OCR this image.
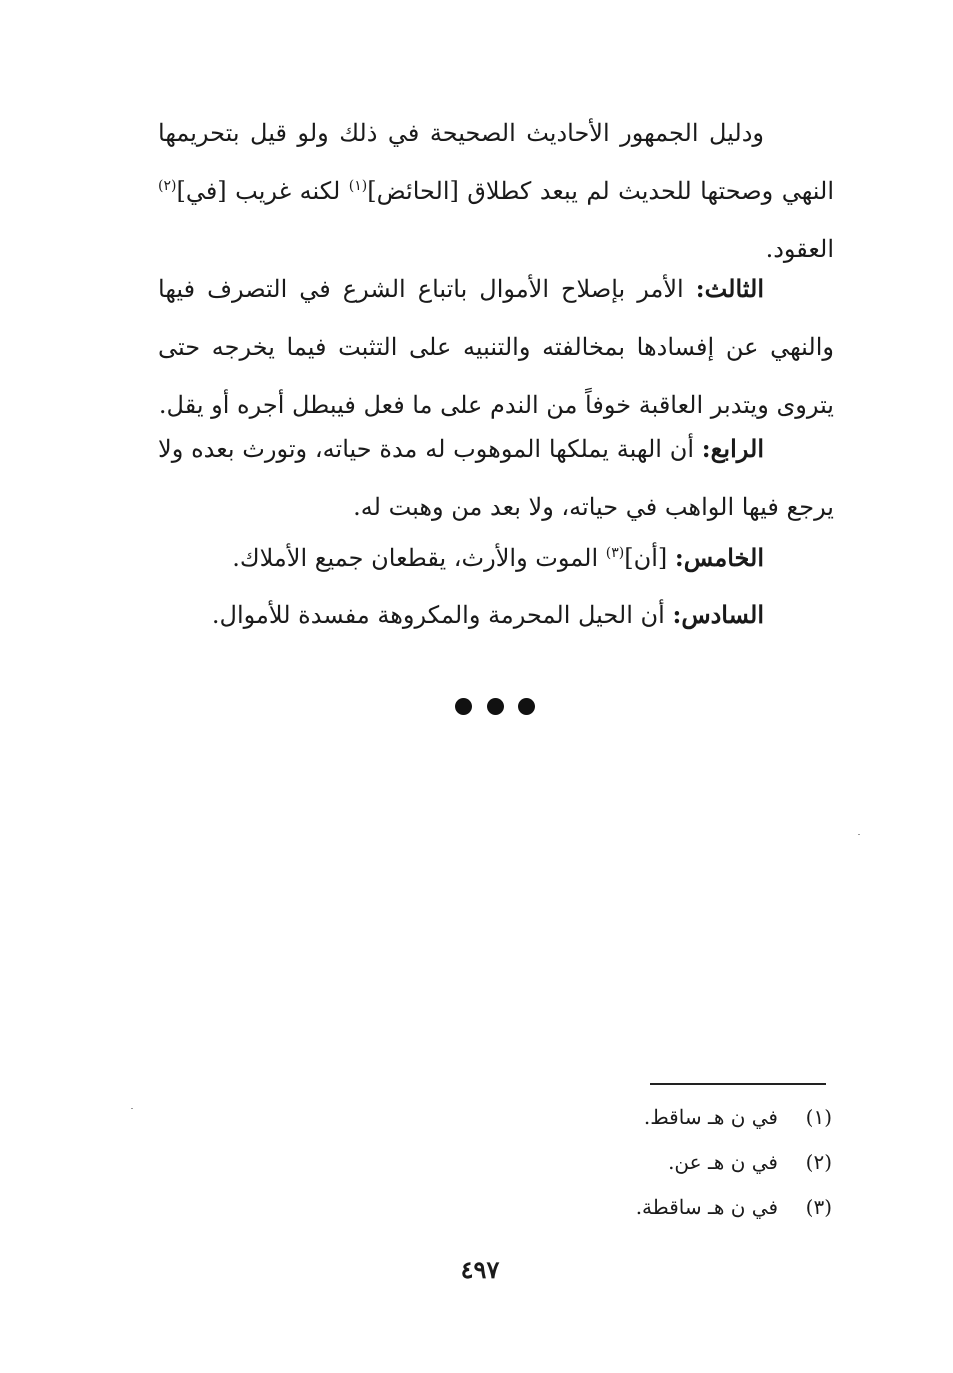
ودليل الجمهور الأحاديث الصحيحة في ذلك ولو قيل بتحريمها النهي وصحتها للحديث لم يبعد كطلاق [الحائض]$^{(١)}$ لكنه غريب [في]$^{(٢)}$ العقود.

الثالث: الأمر بإصلاح الأموال باتباع الشرع في التصرف فيها والنهي عن إفسادها بمخالفته والتنبيه على التثبت فيما يخرجه حتى يتروى ويتدبر العاقبة خوفاً من الندم على ما فعل فيبطل أجره أو يقل.

الرابع: أن الهبة يملكها الموهوب له مدة حياته، وتورث بعده ولا يرجع فيها الواهب في حياته، ولا بعد من وهبت له.

الخامس: [أن]$^{(٣)}$ الموت والأرث، يقطعان جميع الأملاك.

السادس: أن الحيل المحرمة والمكروهة مفسدة للأموال.

(١)
في ن هـ ساقط.
(٢)
في ن هـ عن.
(٣)
في ن هـ ساقطة.
٤٩٧
